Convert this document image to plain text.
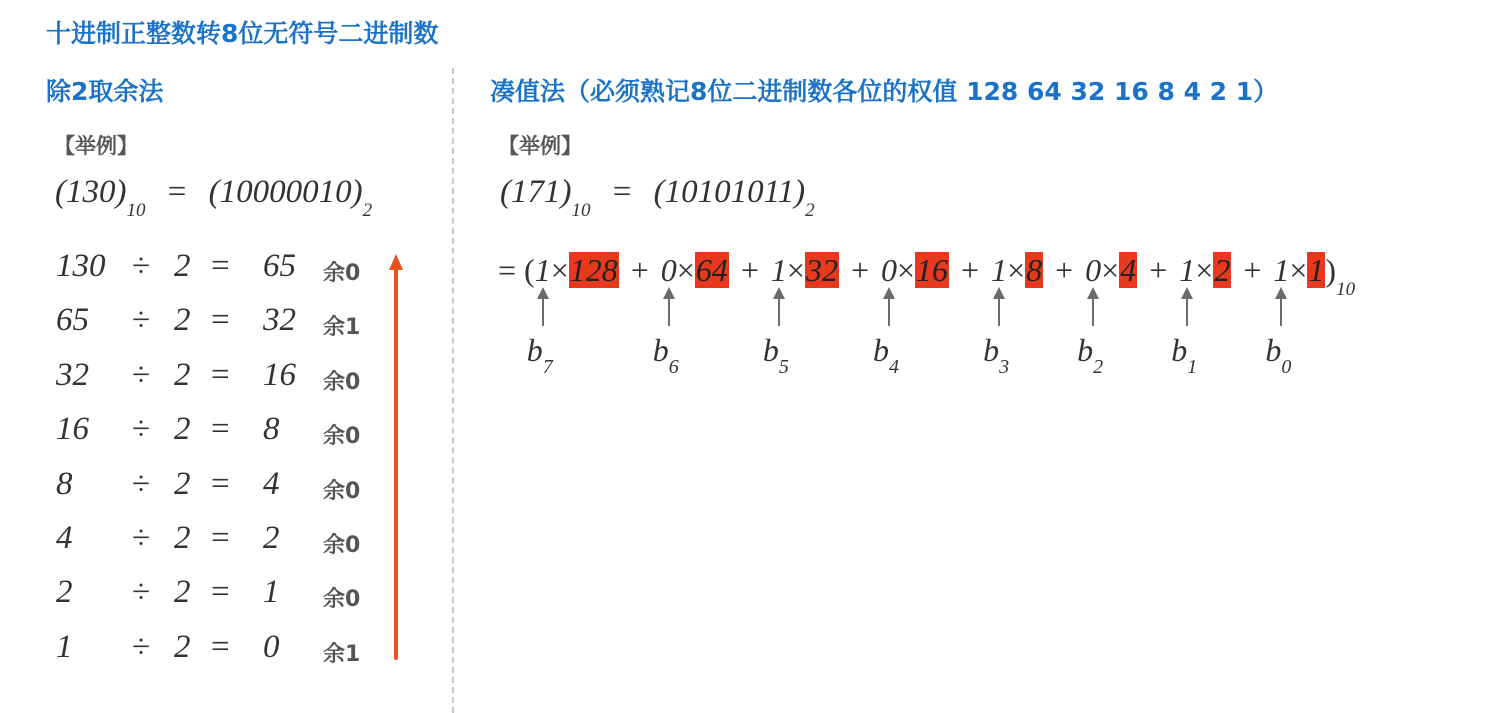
十进制正整数转8位无符号二进制数
除2取余法
【举例】
$(130)_{10} = (10000010)_2$
130 ÷ 2 = 65 余0
65 ÷ 2 = 32 余1
32 ÷ 2 = 16 余0
16 ÷ 2 = 8 余0
8 ÷ 2 = 4 余0
4 ÷ 2 = 2 余0
2 ÷ 2 = 1 余0
1 ÷ 2 = 0 余1
凑值法（必须熟记8位二进制数各位的权值 128 64 32 16 8 4 2 1）
【举例】
$(171)_{10} = (10101011)_2$
= $(1\times 128 + 0\times 64 + 1\times 32 + 0\times 16 + 1\times 8 + 0\times 4 + 1\times 2 + 1\times 1)_{10}$
$b_7$	$b_6$	$b_5$	$b_4$	$b_3$ $b_2$ $b_1$ $b_0$
